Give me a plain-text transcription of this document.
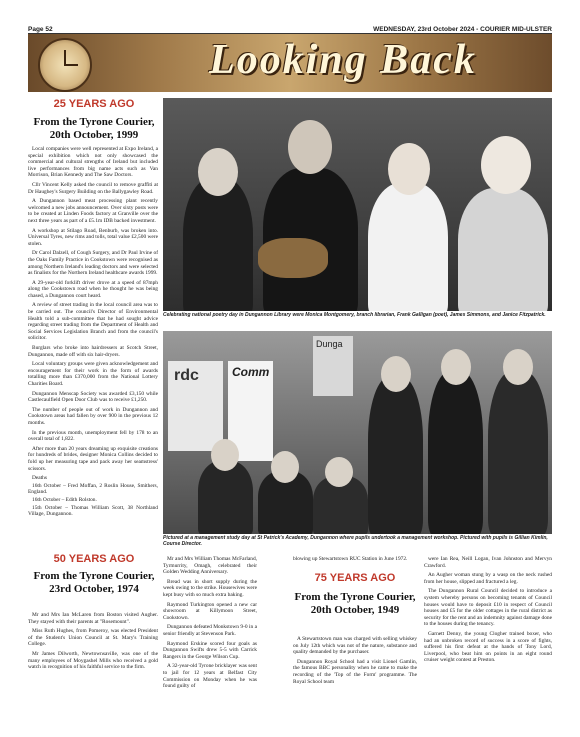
Page 52	WEDNESDAY, 23rd October 2024 - COURIER MID-ULSTER
Looking Back
25 YEARS AGO
From the Tyrone Courier, 20th October, 1999

Local companies were well represented at Expo Ireland, a special exhibition which not only showcased the commercial and cultural strengths of Ireland but included live performances from big name acts such as Van Morrison, Brian Kennedy and The Saw Doctors.

Cllr Vincent Kelly asked the council to remove graffiti at Dr Haughey's Surgery Building on the Ballygawley Road.

A Dungannon based meat processing plant recently welcomed a new jobs announcement. Over sixty posts were to be created at Linden Foods factory at Granville over the next three years as part of a £5.1m IDB backed investment.

A workshop at Stilago Road, Benburb, was broken into. Universal Tyres, new rims and tolls, total value £2,500 were stolen.

Dr Carol Dalzell, of Cough Surgery, and Dr Paul Irvine of the Oaks Family Practice in Cookstown were recognised as among Northern Ireland's leading doctors and were selected as finalists for the Northern Ireland healthcare awards 1999.

A 29-year-old forklift driver drove at a speed of 87mph along the Cookstown road when he thought he was being chased, a Dungannon court heard.

A review of street trading in the local council area was to be carried out. The council's Director of Environmental Health told a sub-committee that he had sought advice regarding street trading from the Department of Health and Social Services Legislation Branch and from the council's solicitor.

Burglars who broke into hairdressers at Scotch Street, Dungannon, made off with six hair-dryers.

Local voluntary groups were given acknowledgement and encouragement for their work in the form of awards totalling more than £370,000 from the National Lottery Charities Board.

Dungannon Menscap Society was awarded £3,150 while Castlecaulfield Open Door Club was to receive £1,250.

The number of people out of work in Dungannon and Cookstown areas had fallen by over 900 in the previous 12 months.

In the previous month, unemployment fell by 178 to an overall total of 1,822.

After more than 20 years dreaming up exquisite creations for hundreds of brides, designer Monica Collins decided to fold up her measuring tape and pack away her seamstress' scissors.

Deaths

16th October – Fred Moffan, 2 Roslin House, Smithers, England.

16th October – Edith Rolston.

15th October – Thomas William Scott, 38 Northland Village, Dungannon.

50 YEARS AGO
From the Tyrone Courier, 23rd October, 1974

Mr and Mrs Ian McLaren from Boston visited Augher. They stayed with their parents at "Rosemount".

Miss Ruth Hughes, from Pomeroy, was elected President of the Student's Union Council at St. Mary's Training College.

Mr James Dilworth, Newtownsaville, was one of the many employees of Moygashel Mills who received a gold watch in recognition of his faithful service to the firm.

Celebrating national poetry day in Dungannon Library were Monica Montgomery, branch librarian, Frank Galligan (poet), James Simmons, and Janice Fitzpatrick.
rdc	Comm
Dunga
Pictured at a management study day at St Patrick's Academy, Dungannon where pupils undertook a management workshop. Pictured with pupils is Gillian Kimlin, Course Director.

Mr and Mrs William Thomas McFarland, Tyrmurrity, Omagh, celebrated their Golden Wedding Anniversary.

Bread was in short supply during the week owing to the strike. Housewives were kept busy with so much extra baking.

Raymond Turkington opened a new car showroom at Killymoon Street, Cookstown.

Dungannon defeated Monkstown 9-0 in a senior friendly at Stevenson Park.

Raymond Erskine scored four goals as Dungannon Swifts drew 5-5 with Carrick Rangers in the George Wilson Cup.

A 32-year-old Tyrone bricklayer was sent to jail for 12 years at Belfast City Commission on Monday when he was found guilty of

blowing up Stewartstown RUC Station in June 1972.
75 YEARS AGO
From the Tyrone Courier, 20th October, 1949

A Stewartstown man was charged with selling whiskey on July 12th which was not of the nature, substance and quality demanded by the purchaser.

Dungannon Royal School had a visit Lionel Gamlin, the famous BBC personality when he came to make the recording of the 'Top of the Form' programme. The Royal School team

were Ian Rea, Neill Logan, Ivan Johnston and Mervyn Crawford.

An Augher woman stung by a wasp on the neck rushed from her house, slipped and fractured a leg.

The Dungannon Rural Council decided to introduce a system whereby persons on becoming tenants of Council houses would have to deposit £10 in respect of Council houses and £5 for the older cottages in the rural district as security for the rent and an indemnity against damage done to the houses during the tenancy.

Garnett Denny, the young Clogher trained boxer, who had an unbroken record of success in a score of fights, suffered his first defeat at the hands of Tony Lord, Liverpool, who beat him on points in an eight round cruiser weight contest at Preston.
